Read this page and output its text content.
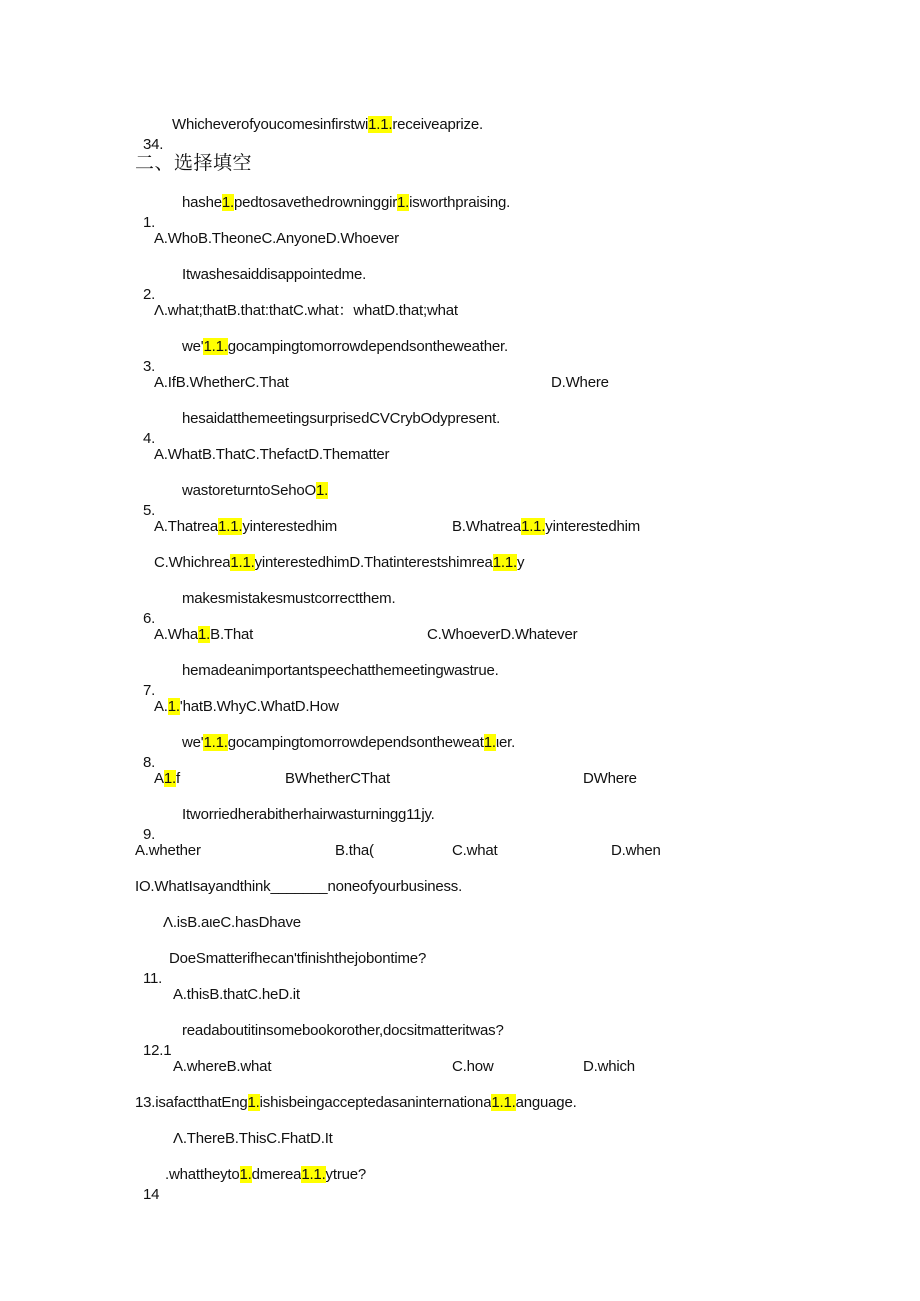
34.
Whicheverofyoucomesinfirstwi1.1.receiveaprize.

二、选择填空

1.
hashe1.pedtosavethedrowninggir1.isworthpraising.

A.WhoB.TheoneC.AnyoneD.Whoever

2.
Itwashesaiddisappointedme.

Λ.what;thatB.that:thatC.what：whatD.that;what

3.
we'1.1.gocampingtomorrowdependsontheweather.

A.IfB.WhetherC.That	D.Where

4.
hesaidatthemeetingsurprisedCVCrybOdypresent.

A.WhatB.ThatC.ThefactD.Thematter

5.
wastoreturntoSehoO1.

A.Thatrea1.1.yinterestedhim	B.Whatrea1.1.yinterestedhim
C.Whichrea1.1.yinterestedhimD.Thatinterestshimrea1.1.y

6.
makesmistakesmustcorrectthem.

A.Wha1.B.That	C.WhoeverD.Whatever

7.
hemadeanimportantspeechatthemeetingwastrue.

A.1.'hatB.WhyC.WhatD.How

8.
we'1.1.gocampingtomorrowdependsontheweat1.ιer.

A1.f	BWhetherCThat	DWhere

9.
Itworriedherabitherhairwasturningg11jy.

A.whether	B.tha(	C.what	D.when
IO.WhatIsayandthink_______noneofyourbusiness.
Λ.isB.aιeC.hasDhave

11.
DoeSmatterifhecan'tfinishthejobontime?

A.thisB.thatC.heD.it

12.1
readaboutitinsomebookorother,docsitmatteritwas?

A.whereB.what	C.how	D.which
13.isafactthatEng1.ishisbeingacceptedasaninternationa1.1.anguage.
Λ.ThereB.ThisC.FhatD.It

14
.whattheyto1.dmerea1.1.ytrue?
